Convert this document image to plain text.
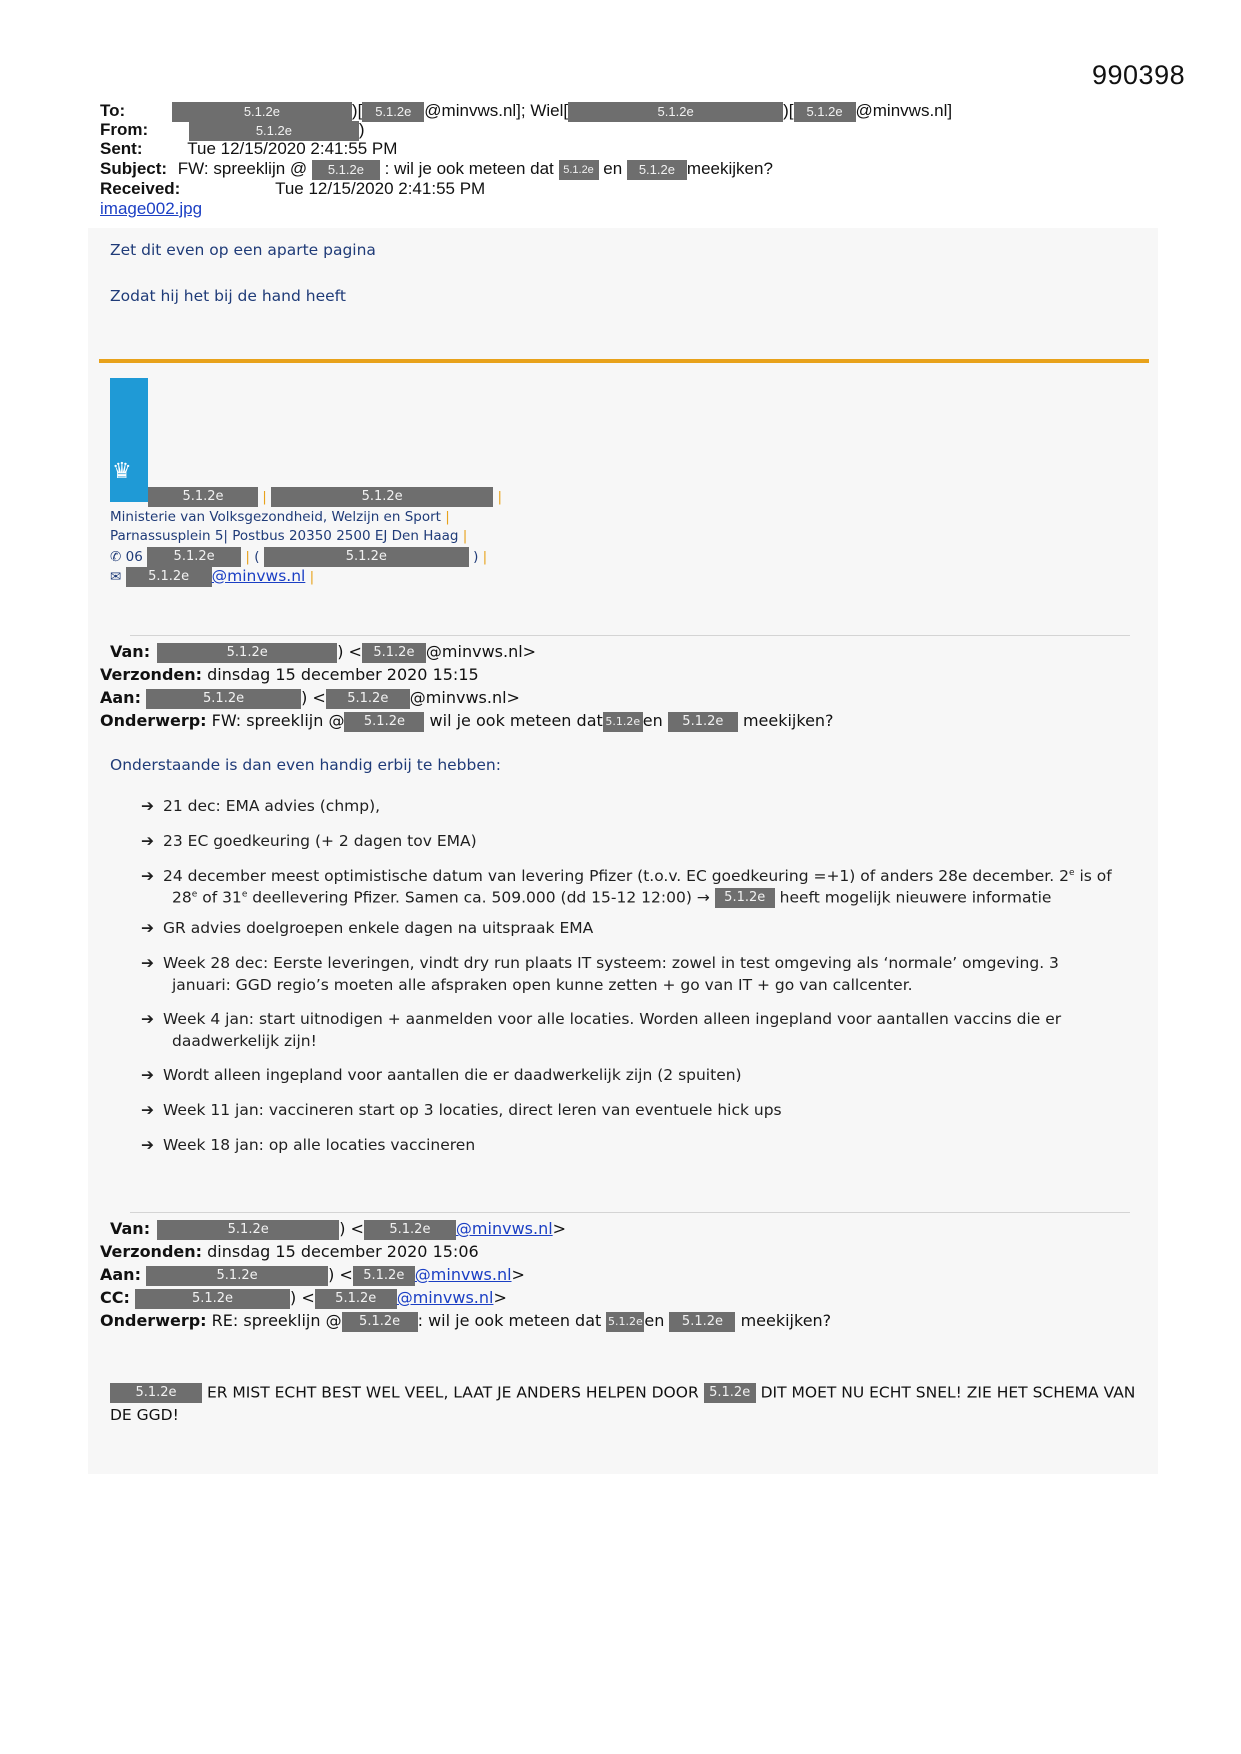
990398
To:	5.1.2e	)[ 5.1.2e @minvws.nl]; Wiel[	5.1.2e	)[ 5.1.2e @minvws.nl]
From:	5.1.2e	)
Sent:	Tue 12/15/2020 2:41:55 PM
Subject: FW: spreeklijn @ 5.1.2e : wil je ook meteen dat 5.1.2e en 5.1.2e meekijken?
Received:	Tue 12/15/2020 2:41:55 PM
image002.jpg
Zet dit even op een aparte pagina
Zodat hij het bij de hand heeft
♛
5.1.2e	|	5.1.2e	|
Ministerie van Volksgezondheid, Welzijn en Sport |
Parnassusplein 5| Postbus 20350 2500 EJ Den Haag |
✆ 06 5.1.2e | (	5.1.2e	) |
✉ 5.1.2e @minvws.nl |
Van:	5.1.2e	) < 5.1.2e @minvws.nl>
Verzonden: dinsdag 15 december 2020 15:15
Aan:	5.1.2e	) < 5.1.2e @minvws.nl>
Onderwerp: FW: spreeklijn @ 5.1.2e wil je ook meteen dat 5.1.2e en 5.1.2e meekijken?
Onderstaande is dan even handig erbij te hebben:
➔ 21 dec: EMA advies (chmp),
➔ 23 EC goedkeuring (+ 2 dagen tov EMA)
➔ 24 december meest optimistische datum van levering Pfizer (t.o.v. EC goedkeuring =+1) of anders 28e december. 2e is of
28e of 31e deellevering Pfizer. Samen ca. 509.000 (dd 15-12 12:00) → 5.1.2e heeft mogelijk nieuwere informatie
➔ GR advies doelgroepen enkele dagen na uitspraak EMA
➔ Week 28 dec: Eerste leveringen, vindt dry run plaats IT systeem: zowel in test omgeving als ‘normale’ omgeving. 3
januari: GGD regio’s moeten alle afspraken open kunne zetten + go van IT + go van callcenter.
➔ Week 4 jan: start uitnodigen + aanmelden voor alle locaties. Worden alleen ingepland voor aantallen vaccins die er
daadwerkelijk zijn!
➔ Wordt alleen ingepland voor aantallen die er daadwerkelijk zijn (2 spuiten)
➔ Week 11 jan: vaccineren start op 3 locaties, direct leren van eventuele hick ups
➔ Week 18 jan: op alle locaties vaccineren
Van:	5.1.2e	) < 5.1.2e @minvws.nl>
Verzonden: dinsdag 15 december 2020 15:06
Aan:	5.1.2e	) < 5.1.2e @minvws.nl>
CC:	5.1.2e	) < 5.1.2e @minvws.nl>
Onderwerp: RE: spreeklijn @ 5.1.2e : wil je ook meteen dat 5.1.2e en 5.1.2e meekijken?
5.1.2e ER MIST ECHT BEST WEL VEEL, LAAT JE ANDERS HELPEN DOOR 5.1.2e DIT MOET NU ECHT SNEL! ZIE HET SCHEMA VAN
DE GGD!
